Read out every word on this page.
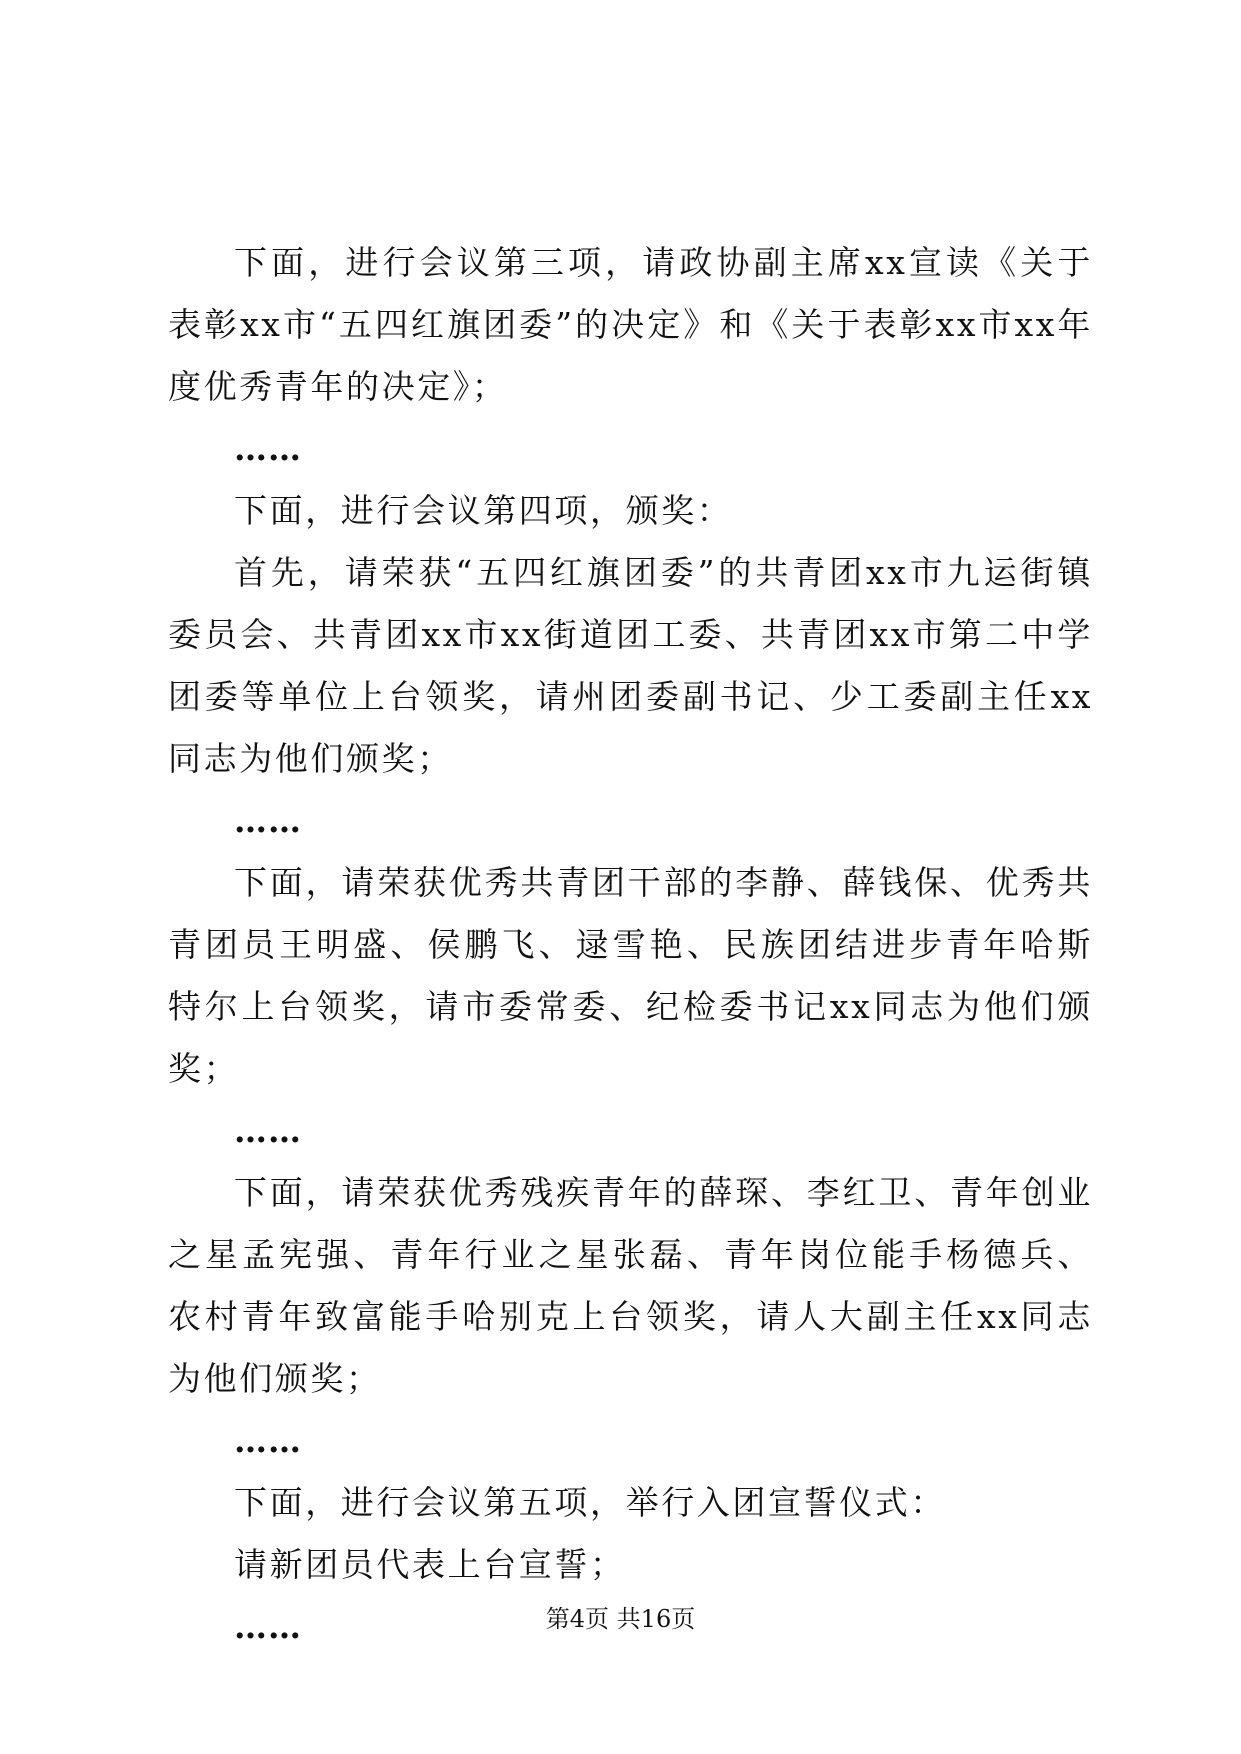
下面，进行会议第三项，请政协副主席xx宣读《关于表彰xx市“五四红旗团委”的决定》和《关于表彰xx市xx年度优秀青年的决定》；

……

下面，进行会议第四项，颁奖：

首先，请荣获“五四红旗团委”的共青团xx市九运街镇委员会、共青团xx市xx街道团工委、共青团xx市第二中学团委等单位上台领奖，请州团委副书记、少工委副主任xx同志为他们颁奖；

……

下面，请荣获优秀共青团干部的李静、薛钱保、优秀共青团员王明盛、侯鹏飞、逯雪艳、民族团结进步青年哈斯特尔上台领奖，请市委常委、纪检委书记xx同志为他们颁奖；

……

下面，请荣获优秀残疾青年的薛琛、李红卫、青年创业之星孟宪强、青年行业之星张磊、青年岗位能手杨德兵、农村青年致富能手哈别克上台领奖，请人大副主任xx同志为他们颁奖；

……

下面，进行会议第五项，举行入团宣誓仪式：

请新团员代表上台宣誓；

……	第4页 共16页
